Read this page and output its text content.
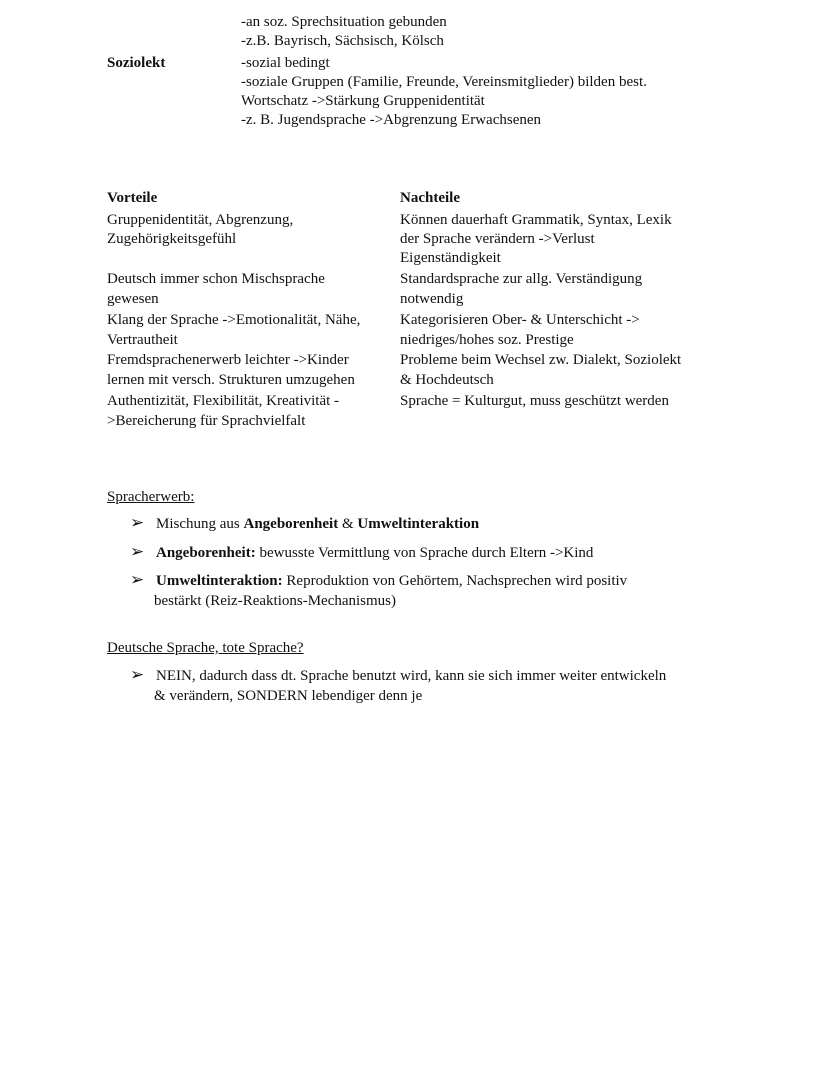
-an soz. Sprechsituation gebunden
-z.B. Bayrisch, Sächsisch, Kölsch
Soziolekt	-sozial bedingt
-soziale Gruppen (Familie, Freunde, Vereinsmitglieder) bilden best.
Wortschatz ->Stärkung Gruppenidentität
-z. B. Jugendsprache ->Abgrenzung Erwachsenen
Vorteile
Gruppenidentität, Abgrenzung,
Zugehörigkeitsgefühl
Deutsch immer schon Mischsprache
gewesen
Klang der Sprache ->Emotionalität, Nähe,
Vertrautheit
Fremdsprachenerwerb leichter ->Kinder
lernen mit versch. Strukturen umzugehen
Authentizität, Flexibilität, Kreativität -
>Bereicherung für Sprachvielfalt
Nachteile
Können dauerhaft Grammatik, Syntax, Lexik
der Sprache verändern ->Verlust
Eigenständigkeit
Standardsprache zur allg. Verständigung
notwendig
Kategorisieren Ober- & Unterschicht ->
niedriges/hohes soz. Prestige
Probleme beim Wechsel zw. Dialekt, Soziolekt
& Hochdeutsch
Sprache = Kulturgut, muss geschützt werden
Spracherwerb:
➢ Mischung aus Angeborenheit & Umweltinteraktion
➢ Angeborenheit: bewusste Vermittlung von Sprache durch Eltern ->Kind
➢ Umweltinteraktion: Reproduktion von Gehörtem, Nachsprechen wird positiv
bestärkt (Reiz-Reaktions-Mechanismus)
Deutsche Sprache, tote Sprache?
➢ NEIN, dadurch dass dt. Sprache benutzt wird, kann sie sich immer weiter entwickeln
& verändern, SONDERN lebendiger denn je
